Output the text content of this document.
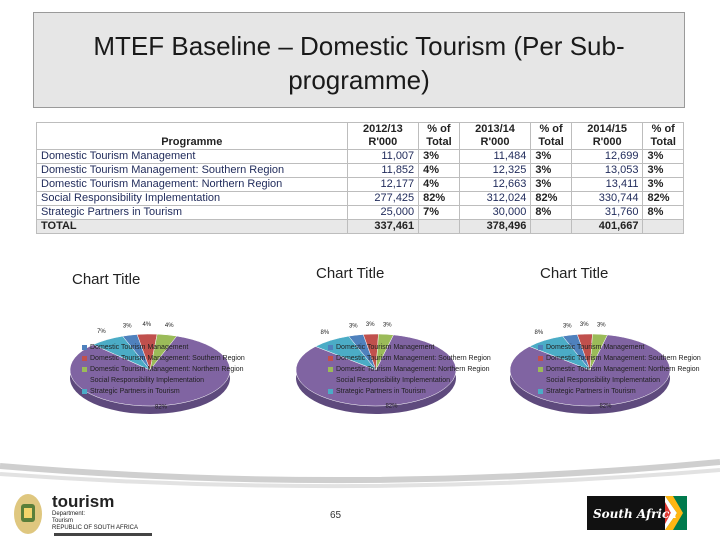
MTEF Baseline – Domestic Tourism (Per Sub-programme)
Programme	2012/13 R'000	% of Total	2013/14 R'000	% of Total	2014/15 R'000	% of Total
Domestic Tourism Management	11,007	3%	11,484	3%	12,699	3%
Domestic Tourism Management: Southern Region	11,852	4%	12,325	3%	13,053	3%
Domestic Tourism Management: Northern Region	12,177	4%	12,663	3%	13,411	3%
Social Responsibility Implementation	277,425	82%	312,024	82%	330,744	82%
Strategic Partners in Tourism	25,000	7%	30,000	8%	31,760	8%
TOTAL	337,461		378,496		401,667	
Chart Title
3% 4% 4%
82%
7%
Domestic Tourism Management
Domestic Tourism Management: Southern Region
Domestic Tourism Management: Northern Region
Social Responsibility Implementation
Strategic Partners in Tourism
Chart Title
3% 3% 3%
82%
8%
Domestic Tourism Management
Domestic Tourism Management: Southern Region
Domestic Tourism Management: Northern Region
Social Responsibility Implementation
Strategic Partners in Tourism
Chart Title
3% 3% 3%
82%
8%
Domestic Tourism Management
Domestic Tourism Management: Southern Region
Domestic Tourism Management: Northern Region
Social Responsibility Implementation
Strategic Partners in Tourism
tourism
Department:
Tourism
REPUBLIC OF SOUTH AFRICA
65	South Africa
